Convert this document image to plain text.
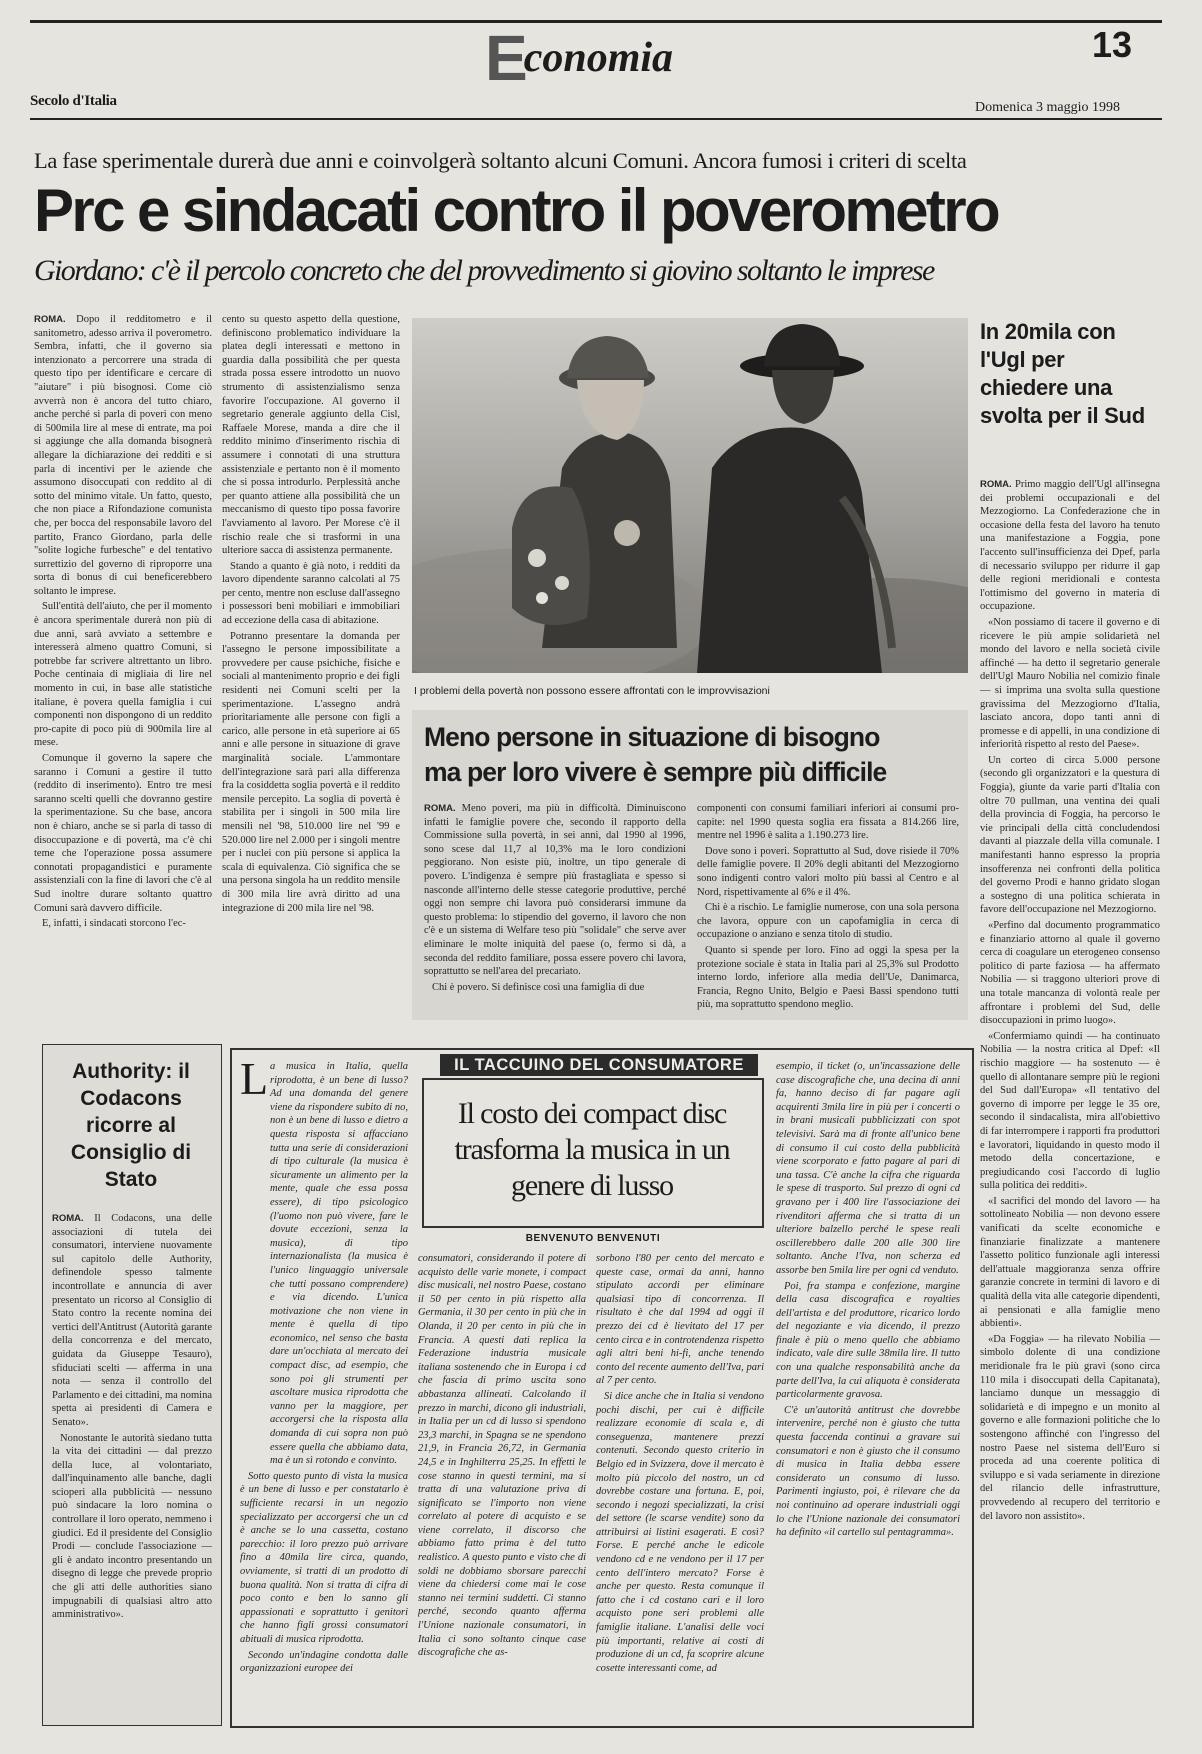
Economia	13
Secolo d'Italia	Domenica 3 maggio 1998
La fase sperimentale durerà due anni e coinvolgerà soltanto alcuni Comuni. Ancora fumosi i criteri di scelta
Prc e sindacati contro il poverometro
Giordano: c'è il percolo concreto che del provvedimento si giovino soltanto le imprese

ROMA. Dopo il redditometro e il sanitometro, adesso arriva il poverometro. Sembra, infatti, che il governo sia intenzionato a percorrere una strada di questo tipo per identificare e cercare di "aiutare" i più bisognosi. Come ciò avverrà non è ancora del tutto chiaro, anche perché si parla di poveri con meno di 500mila lire al mese di entrate, ma poi si aggiunge che alla domanda bisognerà allegare la dichiarazione dei redditi e si parla di incentivi per le aziende che assumono disoccupati con reddito al di sotto del minimo vitale. Un fatto, questo, che non piace a Rifondazione comunista che, per bocca del responsabile lavoro del partito, Franco Giordano, parla delle "solite logiche furbesche" e del tentativo surrettizio del governo di riproporre una sorta di bonus di cui beneficerebbero soltanto le imprese.

Sull'entità dell'aiuto, che per il momento è ancora sperimentale durerà non più di due anni, sarà avviato a settembre e interesserà almeno quattro Comuni, si potrebbe far scrivere altrettanto un libro. Poche centinaia di migliaia di lire nel momento in cui, in base alle statistiche italiane, è povera quella famiglia i cui componenti non dispongono di un reddito pro-capite di poco più di 900mila lire al mese.

Comunque il governo la sapere che saranno i Comuni a gestire il tutto (reddito di inserimento). Entro tre mesi saranno scelti quelli che dovranno gestire la sperimentazione. Su che base, ancora non è chiaro, anche se si parla di tasso di disoccupazione e di povertà, ma c'è chi teme che l'operazione possa assumere connotati propagandistici e puramente assistenziali con la fine di lavori che c'è al Sud inoltre durare soltanto quattro Comuni sarà davvero difficile.

E, infatti, i sindacati storcono l'ec-

cento su questo aspetto della questione, definiscono problematico individuare la platea degli interessati e mettono in guardia dalla possibilità che per questa strada possa essere introdotto un nuovo strumento di assistenzialismo senza favorire l'occupazione. Al governo il segretario generale aggiunto della Cisl, Raffaele Morese, manda a dire che il reddito minimo d'inserimento rischia di assumere i connotati di una struttura assistenziale e pertanto non è il momento che si possa introdurlo. Perplessità anche per quanto attiene alla possibilità che un meccanismo di questo tipo possa favorire l'avviamento al lavoro. Per Morese c'è il rischio reale che si trasformi in una ulteriore sacca di assistenza permanente.

Stando a quanto è già noto, i redditi da lavoro dipendente saranno calcolati al 75 per cento, mentre non escluse dall'assegno i possessori beni mobiliari e immobiliari ad eccezione della casa di abitazione.

Potranno presentare la domanda per l'assegno le persone impossibilitate a provvedere per cause psichiche, fisiche e sociali al mantenimento proprio e dei figli residenti nei Comuni scelti per la sperimentazione. L'assegno andrà prioritariamente alle persone con figli a carico, alle persone in età superiore ai 65 anni e alle persone in situazione di grave marginalità sociale. L'ammontare dell'integrazione sarà pari alla differenza fra la cosiddetta soglia povertà e il reddito mensile percepito. La soglia di povertà è stabilita per i singoli in 500 mila lire mensili nel '98, 510.000 lire nel '99 e 520.000 lire nel 2.000 per i singoli mentre per i nuclei con più persone si applica la scala di equivalenza. Ciò significa che se una persona singola ha un reddito mensile di 300 mila lire avrà diritto ad una integrazione di 200 mila lire nel '98.

I problemi della povertà non possono essere affrontati con le improvvisazioni
In 20mila con l'Ugl per chiedere una svolta per il Sud

ROMA. Primo maggio dell'Ugl all'insegna dei problemi occupazionali e del Mezzogiorno. La Confederazione che in occasione della festa del lavoro ha tenuto una manifestazione a Foggia, pone l'accento sull'insufficienza dei Dpef, parla di necessario sviluppo per ridurre il gap delle regioni meridionali e contesta l'ottimismo del governo in materia di occupazione.

«Non possiamo di tacere il governo e di ricevere le più ampie solidarietà nel mondo del lavoro e nella società civile affinché — ha detto il segretario generale dell'Ugl Mauro Nobilia nel comizio finale — si imprima una svolta sulla questione gravissima del Mezzogiorno d'Italia, lasciato ancora, dopo tanti anni di promesse e di appelli, in una condizione di inferiorità rispetto al resto del Paese».

Un corteo di circa 5.000 persone (secondo gli organizzatori e la questura di Foggia), giunte da varie parti d'Italia con oltre 70 pullman, una ventina dei quali della provincia di Foggia, ha percorso le vie principali della città concludendosi davanti al piazzale della villa comunale. I manifestanti hanno espresso la propria insofferenza nei confronti della politica del governo Prodi e hanno gridato slogan a sostegno di una politica schierata in favore dell'occupazione nel Mezzogiorno.

«Perfino dal documento programmatico e finanziario attorno al quale il governo cerca di coagulare un eterogeneo consenso politico di parte faziosa — ha affermato Nobilia — si traggono ulteriori prove di una totale mancanza di volontà reale per affrontare i problemi del Sud, delle disoccupazioni in primo luogo».

«Confermiamo quindi — ha continuato Nobilia — la nostra critica al Dpef: «Il rischio maggiore — ha sostenuto — è quello di allontanare sempre più le regioni del Sud dall'Europa» «Il tentativo del governo di imporre per legge le 35 ore, secondo il sindacalista, mira all'obiettivo di far interrompere i rapporti fra produttori e lavoratori, liquidando in questo modo il metodo della concertazione, e pregiudicando così l'accordo di luglio sulla politica dei redditi».

«I sacrifici del mondo del lavoro — ha sottolineato Nobilia — non devono essere vanificati da scelte economiche e finanziarie finalizzate a mantenere l'assetto politico funzionale agli interessi dell'attuale maggioranza senza offrire garanzie concrete in termini di lavoro e di qualità della vita alle categorie dipendenti, ai pensionati e alla famiglie meno abbienti».

«Da Foggia» — ha rilevato Nobilia — simbolo dolente di una condizione meridionale fra le più gravi (sono circa 110 mila i disoccupati della Capitanata), lanciamo dunque un messaggio di solidarietà e di impegno e un monito al governo e alle formazioni politiche che lo sostengono affinché con l'ingresso del nostro Paese nel sistema dell'Euro si proceda ad una coerente politica di sviluppo e si vada seriamente in direzione del rilancio delle infrastrutture, provvedendo al recupero del territorio e del lavoro non assistito».

Meno persone in situazione di bisogno
ma per loro vivere è sempre più difficile

ROMA. Meno poveri, ma più in difficoltà. Diminuiscono infatti le famiglie povere che, secondo il rapporto della Commissione sulla povertà, in sei anni, dal 1990 al 1996, sono scese dal 11,7 al 10,3% ma le loro condizioni peggiorano. Non esiste più, inoltre, un tipo generale di povero. L'indigenza è sempre più frastagliata e spesso si nasconde all'interno delle stesse categorie produttive, perché oggi non sempre chi lavora può considerarsi immune da questo problema: lo stipendio del governo, il lavoro che non c'è e un sistema di Welfare teso più "solidale" che serve aver eliminare le molte iniquità del paese (o, fermo si dà, a seconda del reddito familiare, possa essere povero chi lavora, soprattutto se nell'area del precariato.

Chi è povero. Si definisce così una famiglia di due

componenti con consumi familiari inferiori ai consumi pro-capite: nel 1990 questa soglia era fissata a 814.266 lire, mentre nel 1996 è salita a 1.190.273 lire.

Dove sono i poveri. Soprattutto al Sud, dove risiede il 70% delle famiglie povere. Il 20% degli abitanti del Mezzogiorno sono indigenti contro valori molto più bassi al Centro e al Nord, rispettivamente al 6% e il 4%.

Chi è a rischio. Le famiglie numerose, con una sola persona che lavora, oppure con un capofamiglia in cerca di occupazione o anziano e senza titolo di studio.

Quanto si spende per loro. Fino ad oggi la spesa per la protezione sociale è stata in Italia pari al 25,3% sul Prodotto interno lordo, inferiore alla media dell'Ue, Danimarca, Francia, Regno Unito, Belgio e Paesi Bassi spendono tutti più, ma soprattutto spendono meglio.

Authority: il Codacons ricorre al Consiglio di Stato

ROMA. Il Codacons, una delle associazioni di tutela dei consumatori, interviene nuovamente sul capitolo delle Authority, definendole spesso talmente incontrollate e annuncia di aver presentato un ricorso al Consiglio di Stato contro la recente nomina dei vertici dell'Antitrust (Autorità garante della concorrenza e del mercato, guidata da Giuseppe Tesauro), sfiduciati scelti — afferma in una nota — senza il controllo del Parlamento e dei cittadini, ma nomina spetta ai presidenti di Camera e Senato».

Nonostante le autorità siedano tutta la vita dei cittadini — dal prezzo della luce, al volontariato, dall'inquinamento alle banche, dagli scioperi alla pubblicità — nessuno può sindacare la loro nomina o controllare il loro operato, nemmeno i giudici. Ed il presidente del Consiglio Prodi — conclude l'associazione — gli è andato incontro presentando un disegno di legge che prevede proprio che gli atti delle authorities siano impugnabili di qualsiasi altro atto amministrativo».

IL TACCUINO DEL CONSUMATORE
Il costo dei compact disc trasforma la musica in un genere di lusso
BENVENUTO BENVENUTI
L a musica in Italia, quella riprodotta, è un bene di lusso? Ad una domanda del genere viene da rispondere subito di no, non è un bene di lusso e dietro a questa risposta si affacciano tutta una serie di considerazioni di tipo culturale (la musica è sicuramente un alimento per la mente, quale che essa possa essere), di tipo psicologico (l'uomo non può vivere, fare le dovute eccezioni, senza la musica), di tipo internazionalista (la musica è l'unico linguaggio universale che tutti possano comprendere) e via dicendo. L'unica motivazione che non viene in mente è quella di tipo economico, nel senso che basta dare un'occhiata al mercato dei compact disc, ad esempio, che sono poi gli strumenti per ascoltare musica riprodotta che vanno per la maggiore, per accorgersi che la risposta alla domanda di cui sopra non può essere quella che abbiamo data, ma è un sì rotondo e convinto.

Sotto questo punto di vista la musica è un bene di lusso e per constatarlo è sufficiente recarsi in un negozio specializzato per accorgersi che un cd è anche se lo una cassetta, costano parecchio: il loro prezzo può arrivare fino a 40mila lire circa, quando, ovviamente, si tratti di un prodotto di buona qualità. Non si tratta di cifra di poco conto e ben lo sanno gli appassionati e soprattutto i genitori che hanno figli grossi consumatori abituali di musica riprodotta.

Secondo un'indagine condotta dalle organizzazioni europee dei

consumatori, considerando il potere di acquisto delle varie monete, i compact disc musicali, nel nostro Paese, costano il 50 per cento in più rispetto alla Germania, il 30 per cento in più che in Olanda, il 20 per cento in più che in Francia. A questi dati replica la Federazione industria musicale italiana sostenendo che in Europa i cd che fascia di primo uscita sono abbastanza allineati. Calcolando il prezzo in marchi, dicono gli industriali, in Italia per un cd di lusso si spendono 23,3 marchi, in Spagna se ne spendono 21,9, in Francia 26,72, in Germania 24,5 e in Inghilterra 25,25. In effetti le cose stanno in questi termini, ma si tratta di una valutazione priva di significato se l'importo non viene correlato al potere di acquisto e se viene correlato, il discorso che abbiamo fatto prima è del tutto realistico. A questo punto e visto che di soldi ne dobbiamo sborsare parecchi viene da chiedersi come mai le cose stanno nei termini suddetti. Ci stanno perché, secondo quanto afferma l'Unione nazionale consumatori, in Italia ci sono soltanto cinque case discografiche che as-

sorbono l'80 per cento del mercato e queste case, ormai da anni, hanno stipulato accordi per eliminare qualsiasi tipo di concorrenza. Il risultato è che dal 1994 ad oggi il prezzo dei cd è lievitato del 17 per cento circa e in controtendenza rispetto agli altri beni hi-fi, anche tenendo conto del recente aumento dell'Iva, pari al 7 per cento.

Si dice anche che in Italia si vendono pochi dischi, per cui è difficile realizzare economie di scala e, di conseguenza, mantenere prezzi contenuti. Secondo questo criterio in Belgio ed in Svizzera, dove il mercato è molto più piccolo del nostro, un cd dovrebbe costare una fortuna. E, poi, secondo i negozi specializzati, la crisi del settore (le scarse vendite) sono da attribuirsi ai listini esagerati. E così? Forse. E perché anche le edicole vendono cd e ne vendono per il 17 per cento dell'intero mercato? Forse è anche per questo. Resta comunque il fatto che i cd costano cari e il loro acquisto pone seri problemi alle famiglie italiane. L'analisi delle voci più importanti, relative ai costi di produzione di un cd, fa scoprire alcune cosette interessanti come, ad

esempio, il ticket (o, un'incassazione delle case discografiche che, una decina di anni fa, hanno deciso di far pagare agli acquirenti 3mila lire in più per i concerti o in brani musicali pubblicizzati con spot televisivi. Sarà ma di fronte all'unico bene di consumo il cui costo della pubblicità viene scorporato e fatto pagare al pari di una tassa. C'è anche la cifra che riguarda le spese di trasporto. Sul prezzo di ogni cd gravano per i 400 lire l'associazione dei rivenditori afferma che si tratta di un ulteriore balzello perché le spese reali oscillerebbero dalle 200 alle 300 lire soltanto. Anche l'Iva, non scherza ed assorbe ben 5mila lire per ogni cd venduto.

Poi, fra stampa e confezione, margine della casa discografica e royalties dell'artista e del produttore, ricarico lordo del negoziante e via dicendo, il prezzo finale è più o meno quello che abbiamo indicato, vale dire sulle 38mila lire. Il tutto con una qualche responsabilità anche da parte dell'Iva, la cui aliquota è considerata particolarmente gravosa.

C'è un'autorità antitrust che dovrebbe intervenire, perché non è giusto che tutta questa faccenda continui a gravare sui consumatori e non è giusto che il consumo di musica in Italia debba essere considerato un consumo di lusso. Parimenti ingiusto, poi, è rilevare che da noi continuino ad operare industriali oggi lo che l'Unione nazionale dei consumatori ha definito «il cartello sul pentagramma».
